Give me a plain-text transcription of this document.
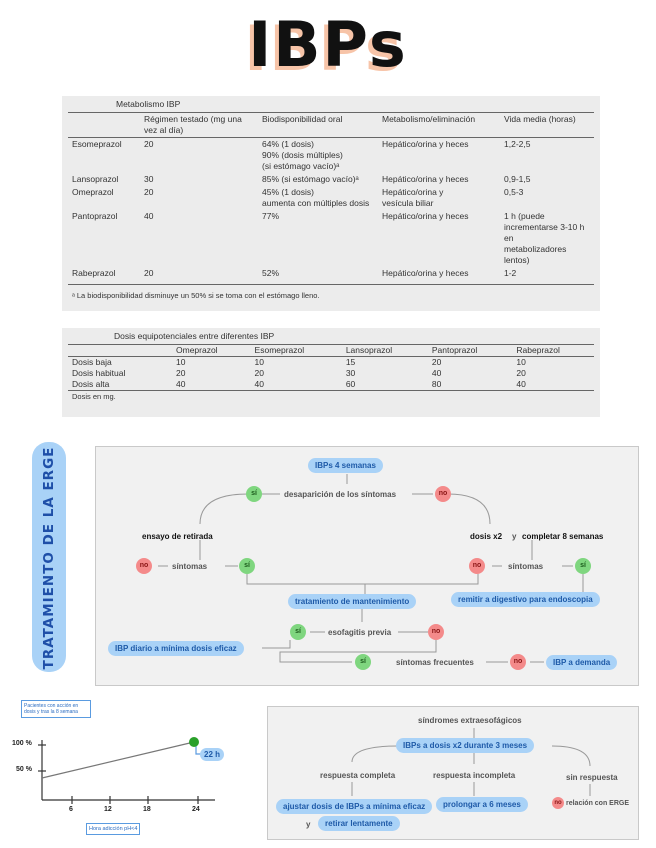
IBPs
Metabolismo IBP
	Régimen testado (mg una vez al día)	Biodisponibilidad oral	Metabolismo/eliminación	Vida media (horas)
Esomeprazol	20	64% (1 dosis)
90% (dosis múltiples)
(si estómago vacío)ᵃ	Hepático/orina y heces	1,2-2,5
Lansoprazol	30	85% (si estómago vacío)ᵃ	Hepático/orina y heces	0,9-1,5
Omeprazol	20	45% (1 dosis)
aumenta con múltiples dosis	Hepático/orina y
vesícula biliar	0,5-3
Pantoprazol	40	77%	Hepático/orina y heces	1 h (puede
incrementarse 3-10 h en
metabolizadores lentos)
Rabeprazol	20	52%	Hepático/orina y heces	1-2
ᵃ La biodisponibilidad disminuye un 50% si se toma con el estómago lleno.
Dosis equipotenciales entre diferentes IBP
	Omeprazol	Esomeprazol	Lansoprazol	Pantoprazol	Rabeprazol
Dosis baja	10	10	15	20	10
Dosis habitual	20	20	30	40	20
Dosis alta	40	40	60	80	40
Dosis en mg.
TRATAMIENTO DE LA ERGE	IBPs 4 semanas
sí	desaparición de los síntomas	no
ensayo de retirada	dosis x2 y completar 8 semanas
no	síntomas	sí	no	síntomas	sí
tratamiento de mantenimiento	remitir a digestivo para endoscopia
sí	esofagitis previa	no
IBP diario a mínima dosis eficaz
sí	síntomas frecuentes	no	IBP a demanda
Pacientes con acción en dosis y tras la 8 semana
100 %
50 %
6	12	18	24
22 h
Hora adicción pH<4
síndromes extraesofágicos
IBPs a dosis x2 durante 3 meses
respuesta completa	respuesta incompleta	sin respuesta
ajustar dosis de IBPs a mínima eficaz
y	retirar lentamente
prolongar a 6 meses	no relación con ERGE
